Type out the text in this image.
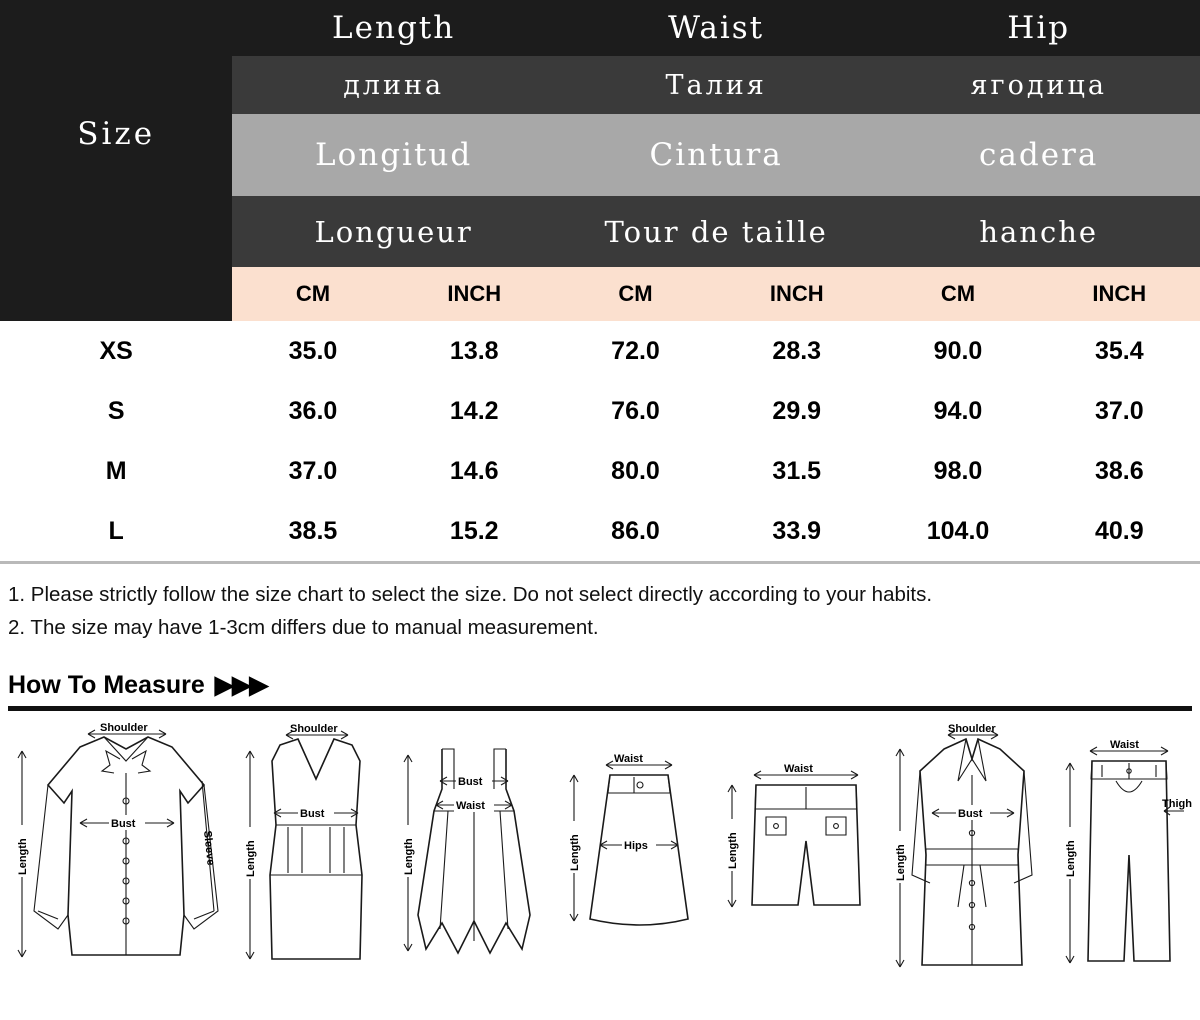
Size	Length		Waist		Hip	
	длина		Талия		ягодица	
	Longitud		Cintura		cadera	
	Longueur		Tour de taille		hanche	
	CM	INCH	CM	INCH	CM	INCH
XS	35.0	13.8	72.0	28.3	90.0	35.4
S	36.0	14.2	76.0	29.9	94.0	37.0
M	37.0	14.6	80.0	31.5	98.0	38.6
L	38.5	15.2	86.0	33.9	104.0	40.9
1. Please strictly follow the size chart to select the size. Do not select directly according to your habits.
2. The size may have 1-3cm differs due to manual measurement.
How To Measure ▶▶▶
Shoulder
Bust
Sleeve
Length
Shoulder
Bust
Length
Bust
Waist
Length
Waist
Hips
Length
Waist
Length
Shoulder
Bust
Length
Waist
Thigh
Length
